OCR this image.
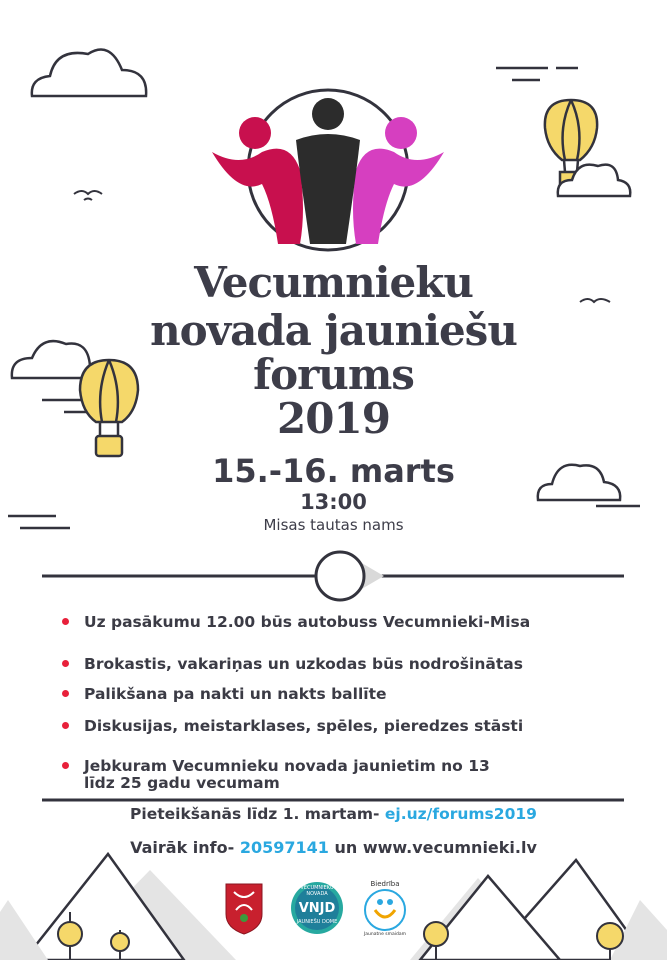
VNJD
Vecumnieku
novada jauniešu
forums
2019
15.-16. marts
13:00
Misas tautas nams
Uz pasākumu 12.00 būs autobuss Vecumnieki-Misa
Brokastis, vakariņas un uzkodas būs nodrošinātas
Palikšana pa nakti un nakts ballīte
Diskusijas, meistarklases, spēles, pieredzes stāsti
Jebkuram Vecumnieku novada jaunietim no 13 līdz 25 gadu vecumam
Pieteikšanās līdz 1. martam- ej.uz/forums2019
Vairāk info- 20597141 un www.vecumnieki.lv
VECUMNIEKU NOVADA
JAUNIEŠU DOME
Biedrība
Jaunatne smaidam
